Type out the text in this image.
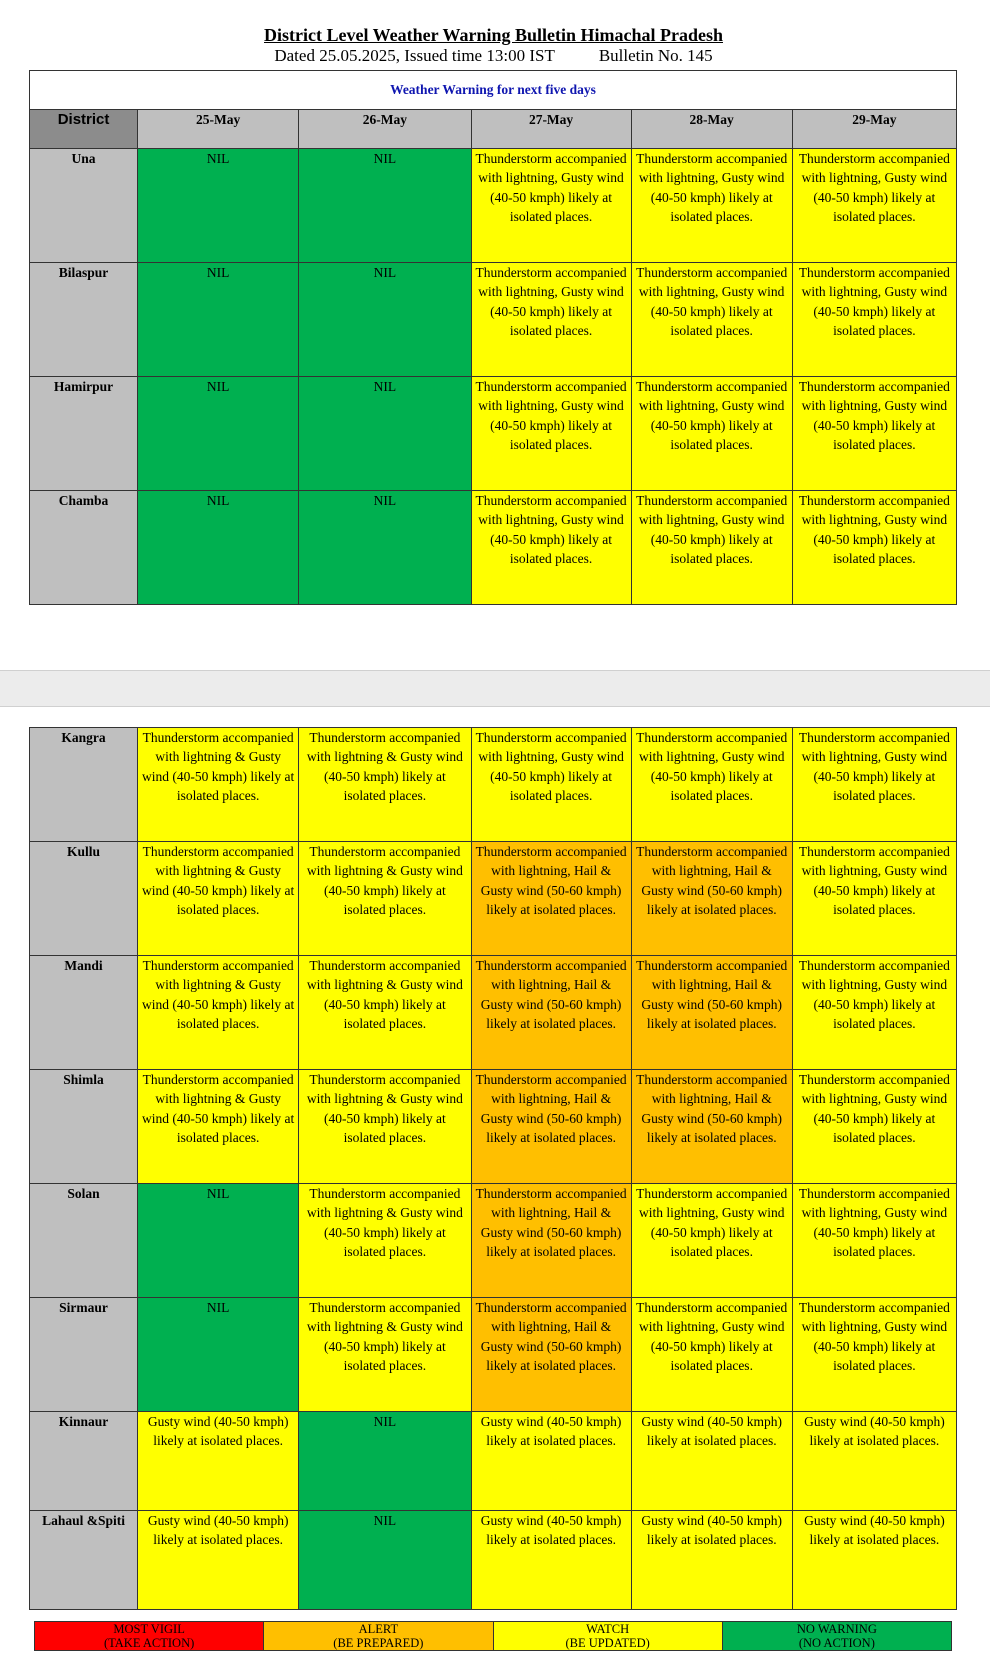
District Level Weather Warning Bulletin Himachal Pradesh
Dated 25.05.2025, Issued time 13:00 IST	Bulletin No. 145
Weather Warning for next five days					
District	25-May	26-May	27-May	28-May	29-May
Una	NIL	NIL	Thunderstorm accompanied with lightning, Gusty wind (40-50 kmph) likely at isolated places.	Thunderstorm accompanied with lightning, Gusty wind (40-50 kmph) likely at isolated places.	Thunderstorm accompanied with lightning, Gusty wind (40-50 kmph) likely at isolated places.
Bilaspur	NIL	NIL	Thunderstorm accompanied with lightning, Gusty wind (40-50 kmph) likely at isolated places.	Thunderstorm accompanied with lightning, Gusty wind (40-50 kmph) likely at isolated places.	Thunderstorm accompanied with lightning, Gusty wind (40-50 kmph) likely at isolated places.
Hamirpur	NIL	NIL	Thunderstorm accompanied with lightning, Gusty wind (40-50 kmph) likely at isolated places.	Thunderstorm accompanied with lightning, Gusty wind (40-50 kmph) likely at isolated places.	Thunderstorm accompanied with lightning, Gusty wind (40-50 kmph) likely at isolated places.
Chamba	NIL	NIL	Thunderstorm accompanied with lightning, Gusty wind (40-50 kmph) likely at isolated places.	Thunderstorm accompanied with lightning, Gusty wind (40-50 kmph) likely at isolated places.	Thunderstorm accompanied with lightning, Gusty wind (40-50 kmph) likely at isolated places.
Kangra	Thunderstorm accompanied with lightning & Gusty wind (40-50 kmph) likely at isolated places.	Thunderstorm accompanied with lightning & Gusty wind (40-50 kmph) likely at isolated places.	Thunderstorm accompanied with lightning, Gusty wind (40-50 kmph) likely at isolated places.	Thunderstorm accompanied with lightning, Gusty wind (40-50 kmph) likely at isolated places.	Thunderstorm accompanied with lightning, Gusty wind (40-50 kmph) likely at isolated places.
Kullu	Thunderstorm accompanied with lightning & Gusty wind (40-50 kmph) likely at isolated places.	Thunderstorm accompanied with lightning & Gusty wind (40-50 kmph) likely at isolated places.	Thunderstorm accompanied with lightning, Hail & Gusty wind (50-60 kmph) likely at isolated places.	Thunderstorm accompanied with lightning, Hail & Gusty wind (50-60 kmph) likely at isolated places.	Thunderstorm accompanied with lightning, Gusty wind (40-50 kmph) likely at isolated places.
Mandi	Thunderstorm accompanied with lightning & Gusty wind (40-50 kmph) likely at isolated places.	Thunderstorm accompanied with lightning & Gusty wind (40-50 kmph) likely at isolated places.	Thunderstorm accompanied with lightning, Hail & Gusty wind (50-60 kmph) likely at isolated places.	Thunderstorm accompanied with lightning, Hail & Gusty wind (50-60 kmph) likely at isolated places.	Thunderstorm accompanied with lightning, Gusty wind (40-50 kmph) likely at isolated places.
Shimla	Thunderstorm accompanied with lightning & Gusty wind (40-50 kmph) likely at isolated places.	Thunderstorm accompanied with lightning & Gusty wind (40-50 kmph) likely at isolated places.	Thunderstorm accompanied with lightning, Hail & Gusty wind (50-60 kmph) likely at isolated places.	Thunderstorm accompanied with lightning, Hail & Gusty wind (50-60 kmph) likely at isolated places.	Thunderstorm accompanied with lightning, Gusty wind (40-50 kmph) likely at isolated places.
Solan	NIL	Thunderstorm accompanied with lightning & Gusty wind (40-50 kmph) likely at isolated places.	Thunderstorm accompanied with lightning, Hail & Gusty wind (50-60 kmph) likely at isolated places.	Thunderstorm accompanied with lightning, Gusty wind (40-50 kmph) likely at isolated places.	Thunderstorm accompanied with lightning, Gusty wind (40-50 kmph) likely at isolated places.
Sirmaur	NIL	Thunderstorm accompanied with lightning & Gusty wind (40-50 kmph) likely at isolated places.	Thunderstorm accompanied with lightning, Hail & Gusty wind (50-60 kmph) likely at isolated places.	Thunderstorm accompanied with lightning, Gusty wind (40-50 kmph) likely at isolated places.	Thunderstorm accompanied with lightning, Gusty wind (40-50 kmph) likely at isolated places.
Kinnaur	Gusty wind (40-50 kmph) likely at isolated places.	NIL	Gusty wind (40-50 kmph) likely at isolated places.	Gusty wind (40-50 kmph) likely at isolated places.	Gusty wind (40-50 kmph) likely at isolated places.
Lahaul &Spiti	Gusty wind (40-50 kmph) likely at isolated places.	NIL	Gusty wind (40-50 kmph) likely at isolated places.	Gusty wind (40-50 kmph) likely at isolated places.	Gusty wind (40-50 kmph) likely at isolated places.
MOST VIGIL
(TAKE ACTION)

ALERT
(BE PREPARED)

WATCH
(BE UPDATED)

NO WARNING
(NO ACTION)
